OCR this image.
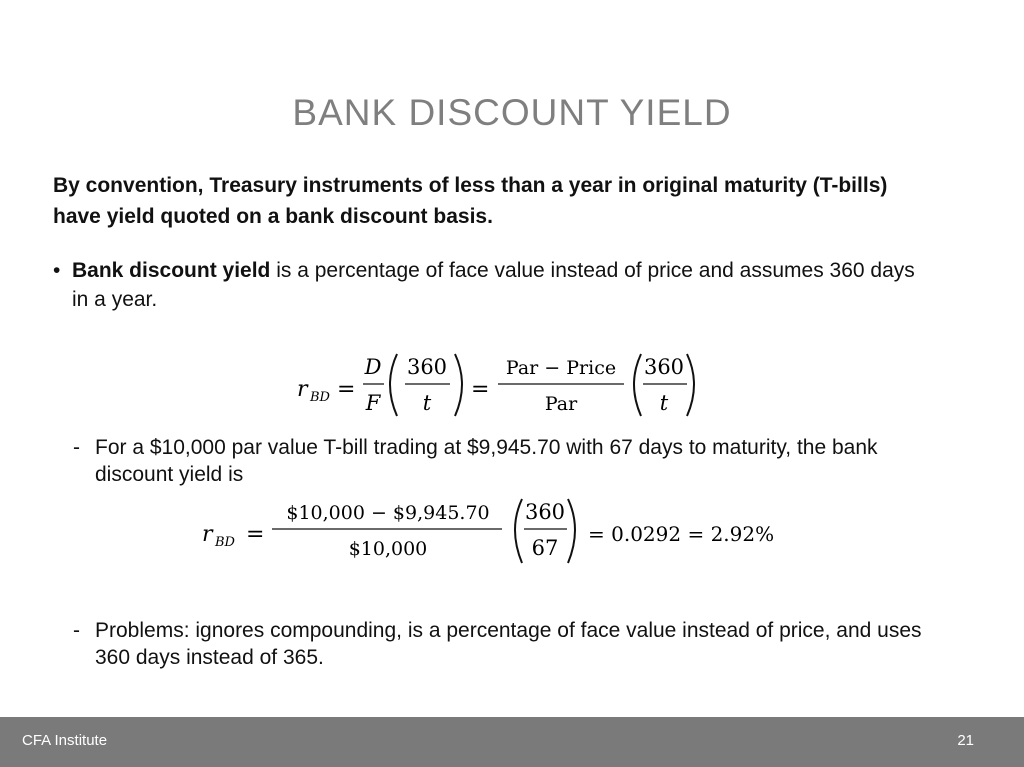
BANK DISCOUNT YIELD
By convention, Treasury instruments of less than a year in original maturity (T-bills) have yield quoted on a bank discount basis.
• Bank discount yield is a percentage of face value instead of price and assumes 360 days in a year.
r BD =
D
F
360
t
=
Par − Price
Par
360
t
- For a $10,000 par value T-bill trading at $9,945.70 with 67 days to maturity, the bank discount yield is
r BD =
$10,000 − $9,945.70
$10,000
360
67
= 0.0292 = 2.92%
- Problems: ignores compounding, is a percentage of face value instead of price, and uses 360 days instead of 365.
CFA Institute	21
